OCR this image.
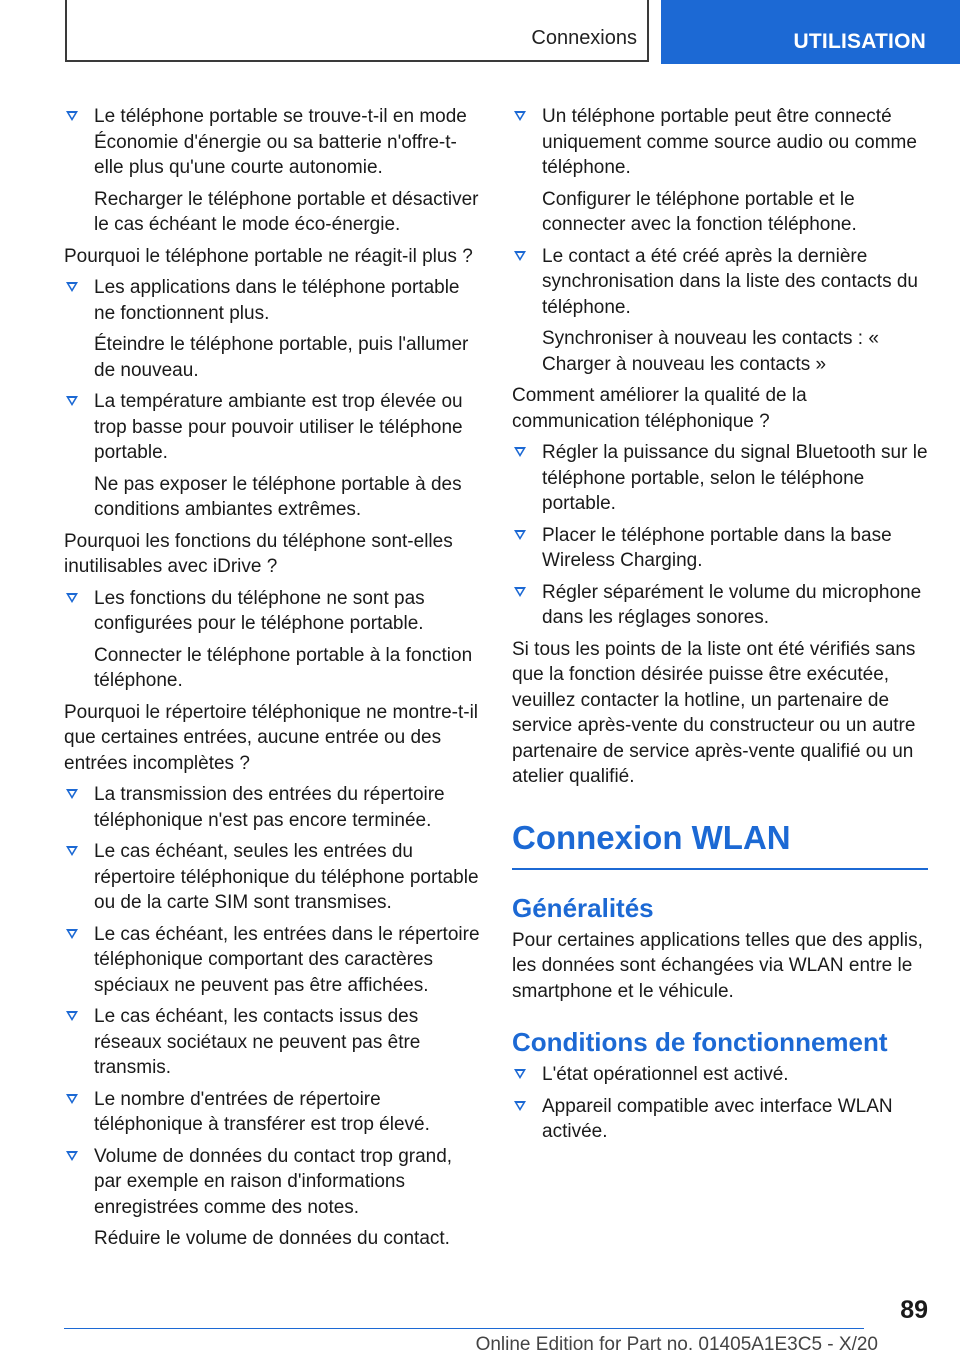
Connexions	UTILISATION

Le téléphone portable se trouve-t-il en mode Économie d'énergie ou sa batterie n'offre-t-elle plus qu'une courte autonomie.

Recharger le téléphone portable et désactiver le cas échéant le mode éco-énergie.

Pourquoi le téléphone portable ne réagit-il plus ?

Les applications dans le téléphone portable ne fonctionnent plus.

Éteindre le téléphone portable, puis l'allumer de nouveau.

La température ambiante est trop élevée ou trop basse pour pouvoir utiliser le téléphone portable.

Ne pas exposer le téléphone portable à des conditions ambiantes extrêmes.

Pourquoi les fonctions du téléphone sont-elles inutilisables avec iDrive ?

Les fonctions du téléphone ne sont pas configurées pour le téléphone portable.

Connecter le téléphone portable à la fonction téléphone.

Pourquoi le répertoire téléphonique ne montre-t-il que certaines entrées, aucune entrée ou des entrées incomplètes ?

La transmission des entrées du répertoire téléphonique n'est pas encore terminée.

Le cas échéant, seules les entrées du répertoire téléphonique du téléphone portable ou de la carte SIM sont transmises.

Le cas échéant, les entrées dans le répertoire téléphonique comportant des caractères spéciaux ne peuvent pas être affichées.

Le cas échéant, les contacts issus des réseaux sociétaux ne peuvent pas être transmis.

Le nombre d'entrées de répertoire téléphonique à transférer est trop élevé.

Volume de données du contact trop grand, par exemple en raison d'informations enregistrées comme des notes.

Réduire le volume de données du contact.

Un téléphone portable peut être connecté uniquement comme source audio ou comme téléphone.

Configurer le téléphone portable et le connecter avec la fonction téléphone.

Le contact a été créé après la dernière synchronisation dans la liste des contacts du téléphone.

Synchroniser à nouveau les contacts : « Charger à nouveau les contacts »

Comment améliorer la qualité de la communication téléphonique ?

Régler la puissance du signal Bluetooth sur le téléphone portable, selon le téléphone portable.

Placer le téléphone portable dans la base Wireless Charging.

Régler séparément le volume du microphone dans les réglages sonores.

Si tous les points de la liste ont été vérifiés sans que la fonction désirée puisse être exécutée, veuillez contacter la hotline, un partenaire de service après-vente du constructeur ou un autre partenaire de service après-vente qualifié ou un atelier qualifié.

Connexion WLAN
Généralités

Pour certaines applications telles que des applis, les données sont échangées via WLAN entre le smartphone et le véhicule.

Conditions de fonctionnement

L'état opérationnel est activé.

Appareil compatible avec interface WLAN activée.

89
Online Edition for Part no. 01405A1E3C5 - X/20
